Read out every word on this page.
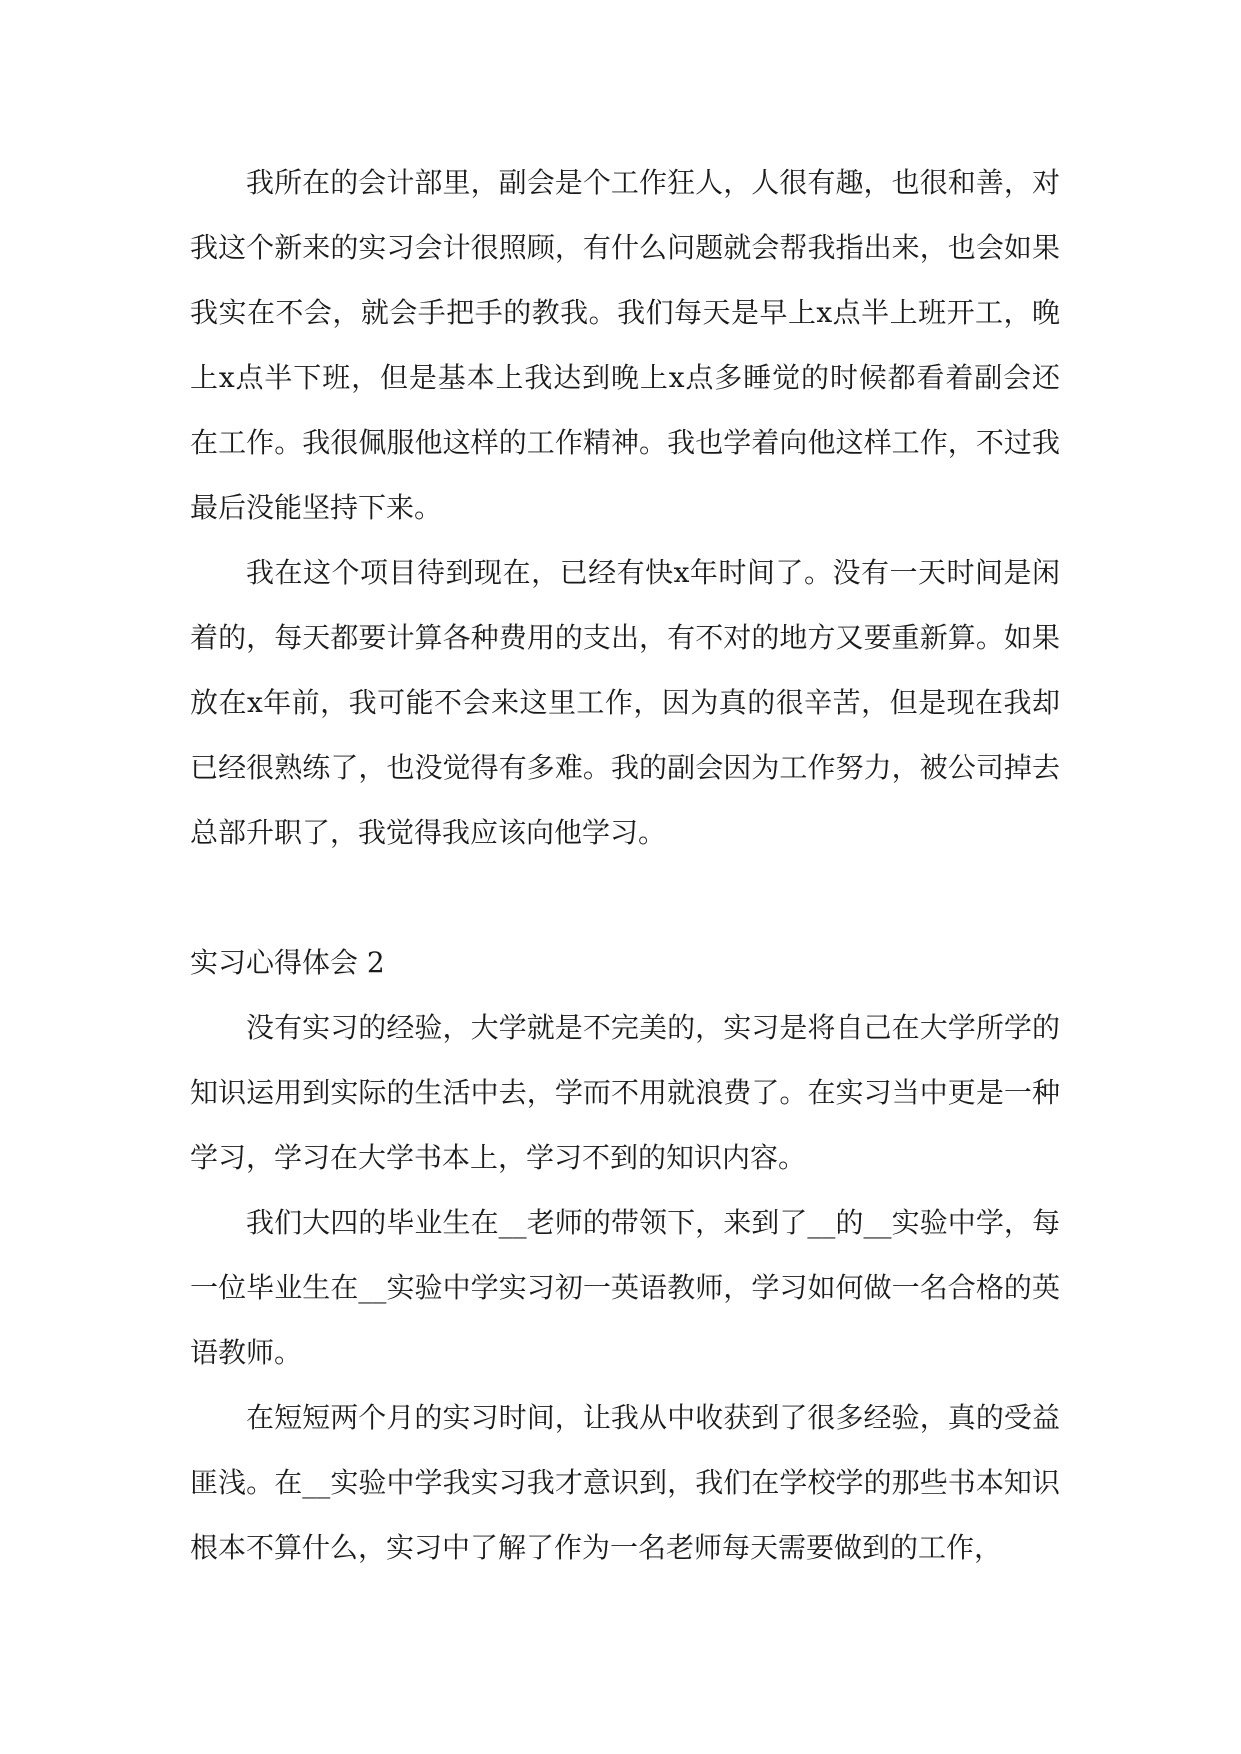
我所在的会计部里，副会是个工作狂人，人很有趣，也很和善，对我这个新来的实习会计很照顾，有什么问题就会帮我指出来，也会如果我实在不会，就会手把手的教我。我们每天是早上x点半上班开工，晚上x点半下班，但是基本上我达到晚上x点多睡觉的时候都看着副会还在工作。我很佩服他这样的工作精神。我也学着向他这样工作，不过我最后没能坚持下来。

我在这个项目待到现在，已经有快x年时间了。没有一天时间是闲着的，每天都要计算各种费用的支出，有不对的地方又要重新算。如果放在x年前，我可能不会来这里工作，因为真的很辛苦，但是现在我却已经很熟练了，也没觉得有多难。我的副会因为工作努力，被公司掉去总部升职了，我觉得我应该向他学习。

实习心得体会 2

没有实习的经验，大学就是不完美的，实习是将自己在大学所学的知识运用到实际的生活中去，学而不用就浪费了。在实习当中更是一种学习，学习在大学书本上，学习不到的知识内容。

我们大四的毕业生在__老师的带领下，来到了__的__实验中学，每一位毕业生在__实验中学实习初一英语教师，学习如何做一名合格的英语教师。

在短短两个月的实习时间，让我从中收获到了很多经验，真的受益匪浅。在__实验中学我实习我才意识到，我们在学校学的那些书本知识根本不算什么，实习中了解了作为一名老师每天需要做到的工作，
